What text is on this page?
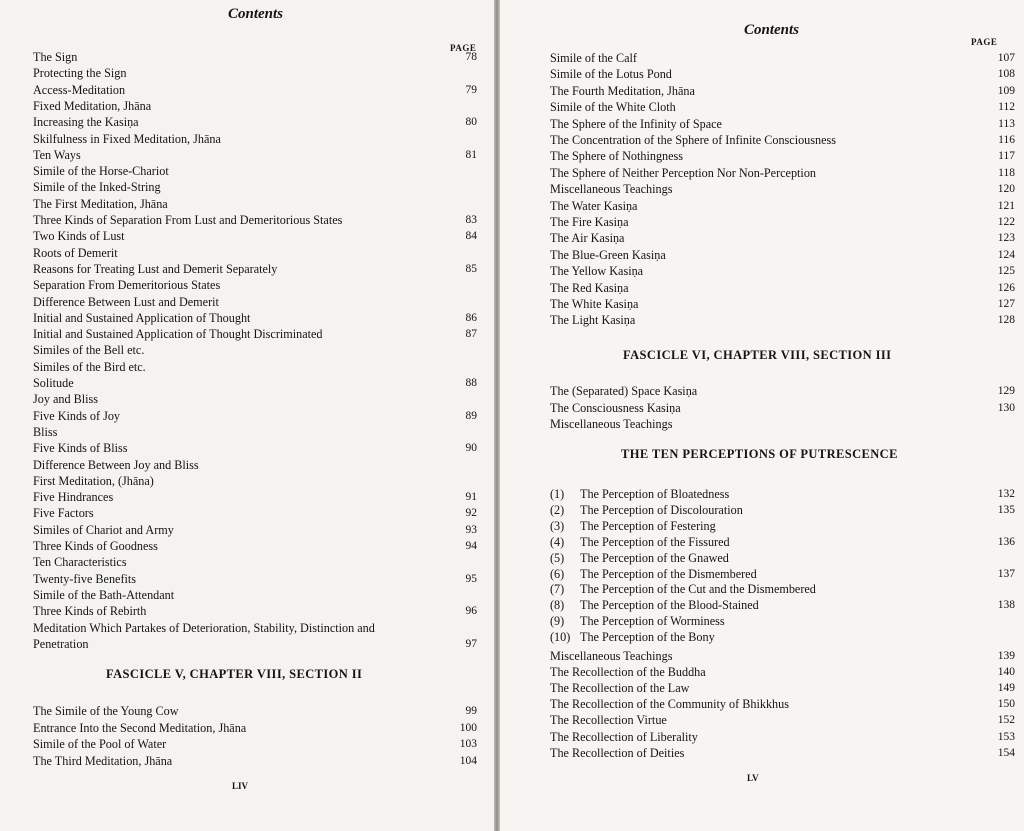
Contents
PAGE
FASCICLE V, CHAPTER VIII, SECTION II
LIV
The Sign	78
Protecting the Sign
Access-Meditation	79
Fixed Meditation, Jhāna
Increasing the Kasiṇa	80
Skilfulness in Fixed Meditation, Jhāna
Ten Ways	81
Simile of the Horse-Chariot
Simile of the Inked-String
The First Meditation, Jhāna
Three Kinds of Separation From Lust and Demeritorious States	83
Two Kinds of Lust	84
Roots of Demerit
Reasons for Treating Lust and Demerit Separately	85
Separation From Demeritorious States
Difference Between Lust and Demerit
Initial and Sustained Application of Thought	86
Initial and Sustained Application of Thought Discriminated	87
Similes of the Bell etc.
Similes of the Bird etc.
Solitude	88
Joy and Bliss
Five Kinds of Joy	89
Bliss
Five Kinds of Bliss	90
Difference Between Joy and Bliss
First Meditation, (Jhāna)
Five Hindrances	91
Five Factors	92
Similes of Chariot and Army	93
Three Kinds of Goodness	94
Ten Characteristics
Twenty-five Benefits	95
Simile of the Bath-Attendant
Three Kinds of Rebirth	96
Meditation Which Partakes of Deterioration, Stability, Distinction and
Penetration	97
The Simile of the Young Cow	99
Entrance Into the Second Meditation, Jhāna	100
Simile of the Pool of Water	103
The Third Meditation, Jhāna	104
Contents
PAGE
FASCICLE VI, CHAPTER VIII, SECTION III
THE TEN PERCEPTIONS OF PUTRESCENCE
LV
Simile of the Calf	107
Simile of the Lotus Pond	108
The Fourth Meditation, Jhāna	109
Simile of the White Cloth	112
The Sphere of the Infinity of Space	113
The Concentration of the Sphere of Infinite Consciousness	116
The Sphere of Nothingness	117
The Sphere of Neither Perception Nor Non-Perception	118
Miscellaneous Teachings	120
The Water Kasiṇa	121
The Fire Kasiṇa	122
The Air Kasiṇa	123
The Blue-Green Kasiṇa	124
The Yellow Kasiṇa	125
The Red Kasiṇa	126
The White Kasiṇa	127
The Light Kasiṇa	128
The (Separated) Space Kasiṇa	129
The Consciousness Kasiṇa	130
Miscellaneous Teachings
(1) The Perception of Bloatedness	132
(2) The Perception of Discolouration	135
(3) The Perception of Festering
(4) The Perception of the Fissured	136
(5) The Perception of the Gnawed
(6) The Perception of the Dismembered	137
(7) The Perception of the Cut and the Dismembered
(8) The Perception of the Blood-Stained	138
(9) The Perception of Worminess
(10) The Perception of the Bony
Miscellaneous Teachings	139
The Recollection of the Buddha	140
The Recollection of the Law	149
The Recollection of the Community of Bhikkhus	150
The Recollection Virtue	152
The Recollection of Liberality	153
The Recollection of Deities	154
